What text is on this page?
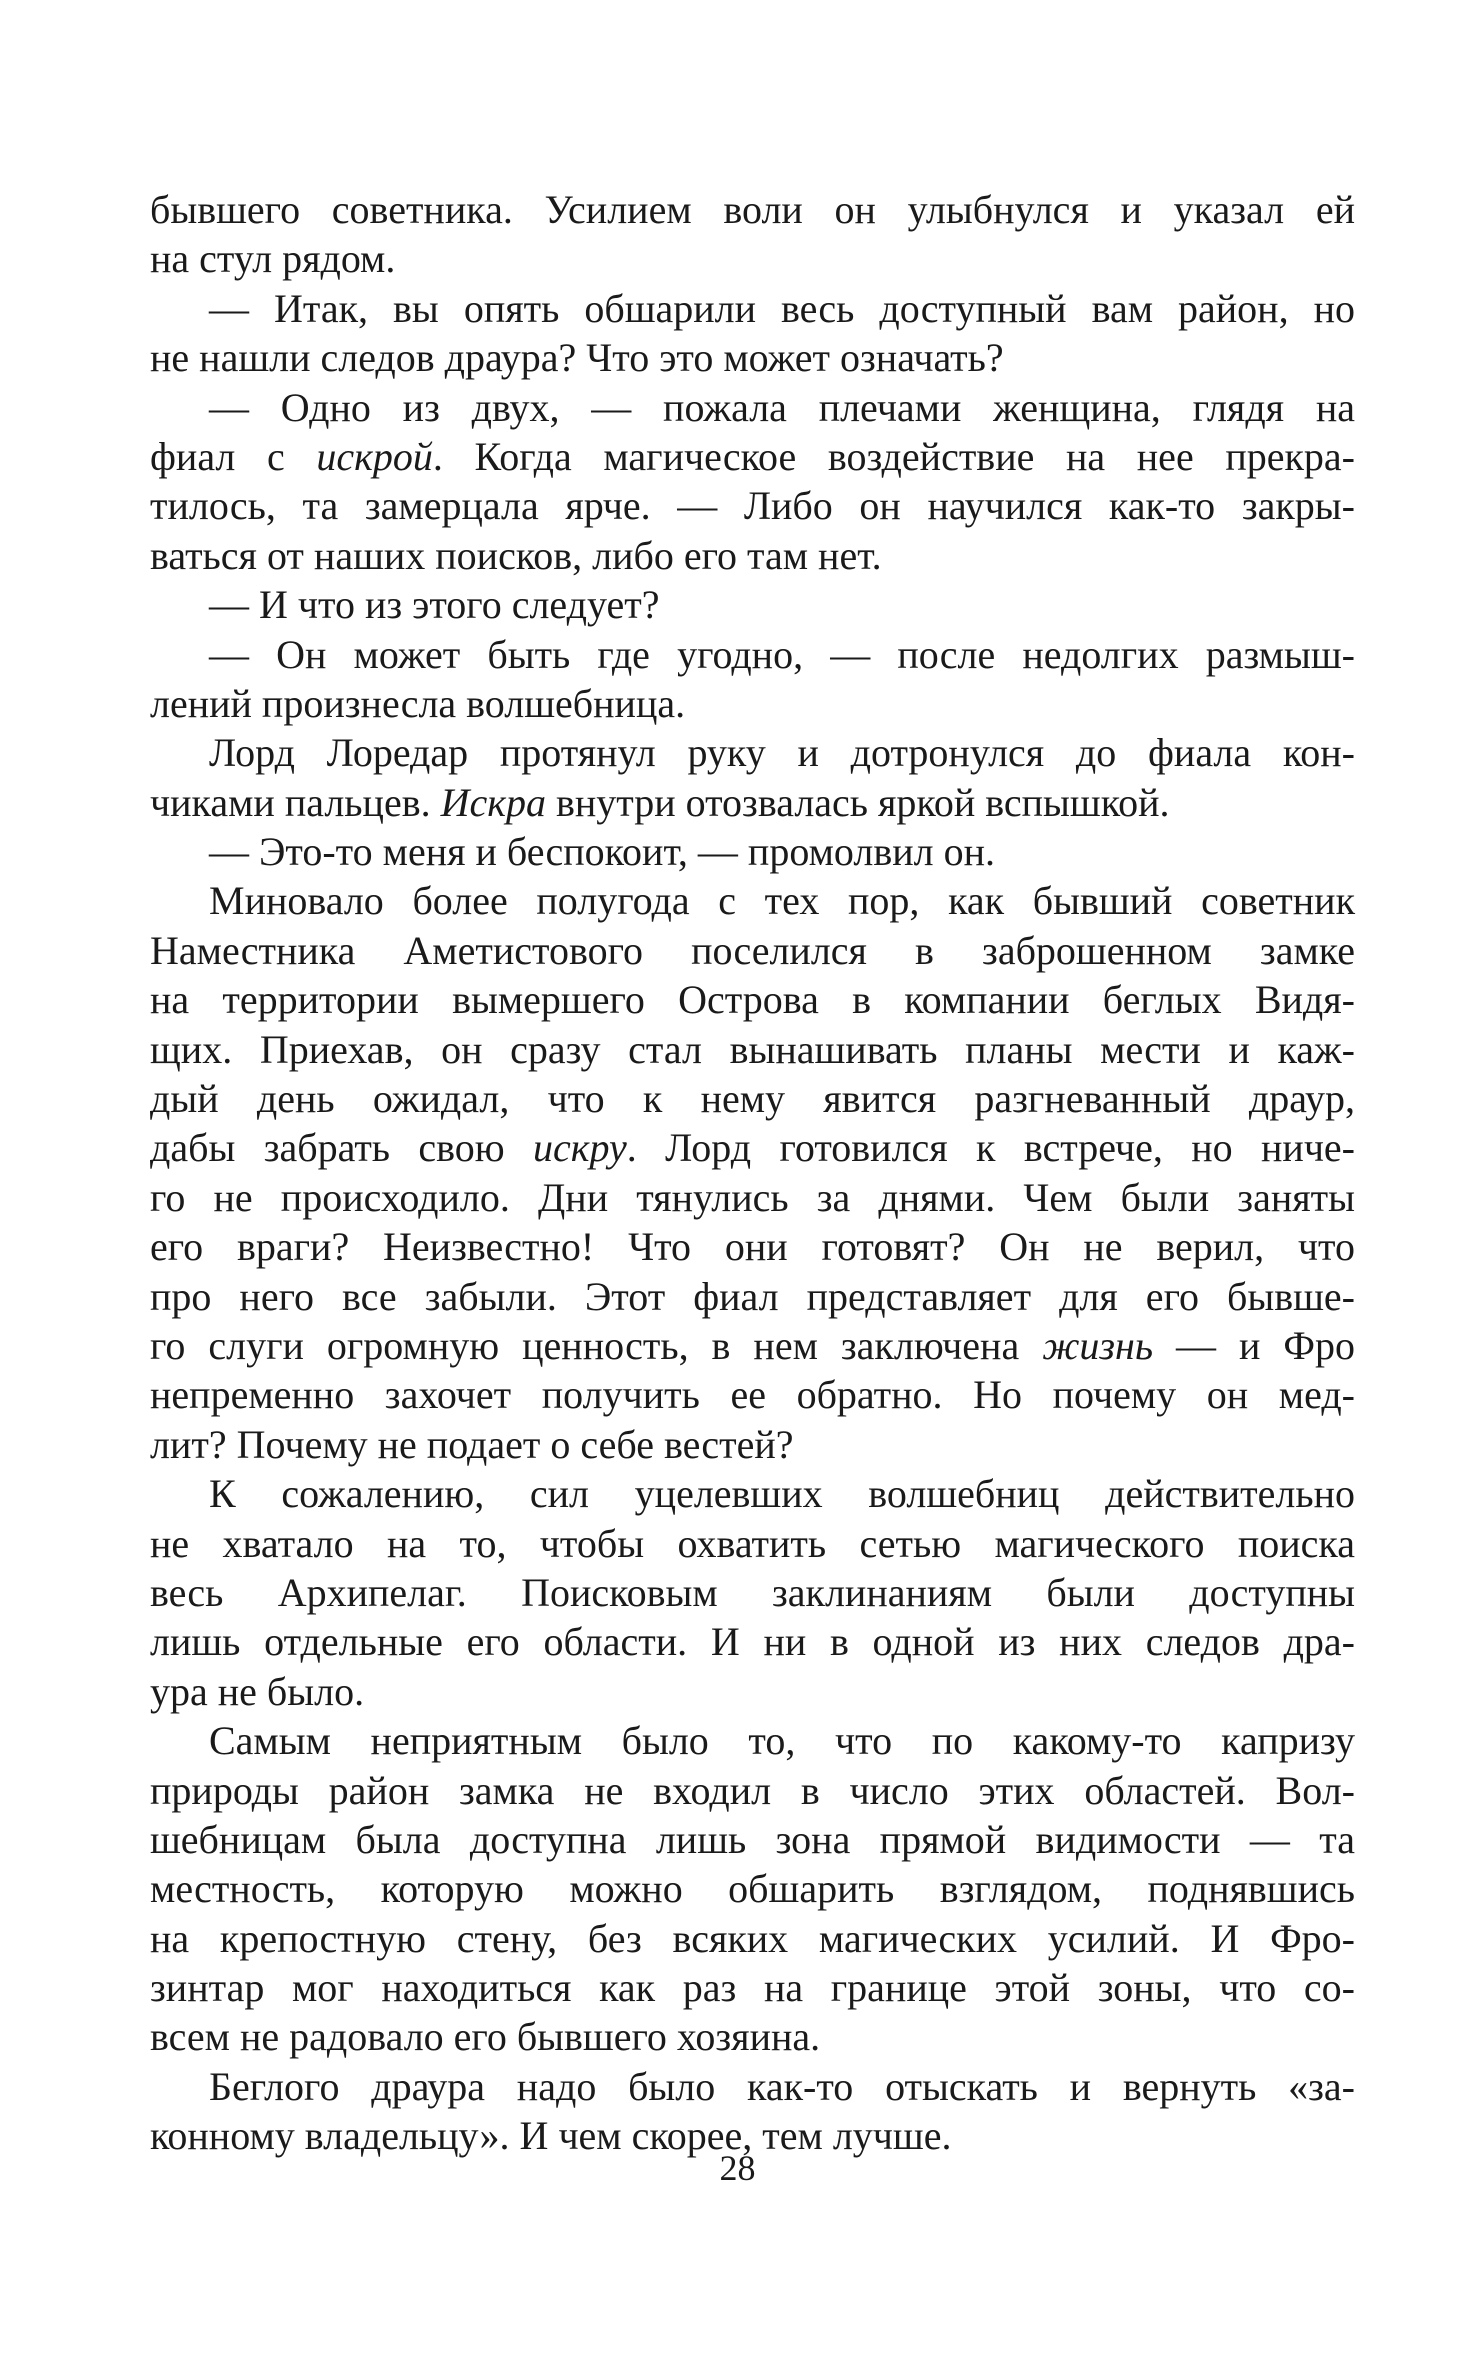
бывшего советника. Усилием воли он улыбнулся и указал ей
на стул рядом.
— Итак, вы опять обшарили весь доступный вам район, но
не нашли следов драура? Что это может означать?
— Одно из двух, — пожала плечами женщина, глядя на
фиал с искрой. Когда магическое воздействие на нее прекра-
тилось, та замерцала ярче. — Либо он научился как-то закры-
ваться от наших поисков, либо его там нет.
— И что из этого следует?
— Он может быть где угодно, — после недолгих размыш-
лений произнесла волшебница.
Лорд Лоредар протянул руку и дотронулся до фиала кон-
чиками пальцев. Искра внутри отозвалась яркой вспышкой.
— Это-то меня и беспокоит, — промолвил он.
Миновало более полугода с тех пор, как бывший советник
Наместника Аметистового поселился в заброшенном замке
на территории вымершего Острова в компании беглых Видя-
щих. Приехав, он сразу стал вынашивать планы мести и каж-
дый день ожидал, что к нему явится разгневанный драур,
дабы забрать свою искру. Лорд готовился к встрече, но ниче-
го не происходило. Дни тянулись за днями. Чем были заняты
его враги? Неизвестно! Что они готовят? Он не верил, что
про него все забыли. Этот фиал представляет для его бывше-
го слуги огромную ценность, в нем заключена жизнь — и Фро
непременно захочет получить ее обратно. Но почему он мед-
лит? Почему не подает о себе вестей?
К сожалению, сил уцелевших волшебниц действительно
не хватало на то, чтобы охватить сетью магического поиска
весь Архипелаг. Поисковым заклинаниям были доступны
лишь отдельные его области. И ни в одной из них следов дра-
ура не было.
Самым неприятным было то, что по какому-то капризу
природы район замка не входил в число этих областей. Вол-
шебницам была доступна лишь зона прямой видимости — та
местность, которую можно обшарить взглядом, поднявшись
на крепостную стену, без всяких магических усилий. И Фро-
зинтар мог находиться как раз на границе этой зоны, что со-
всем не радовало его бывшего хозяина.
Беглого драура надо было как-то отыскать и вернуть «за-
конному владельцу». И чем скорее, тем лучше.
28
